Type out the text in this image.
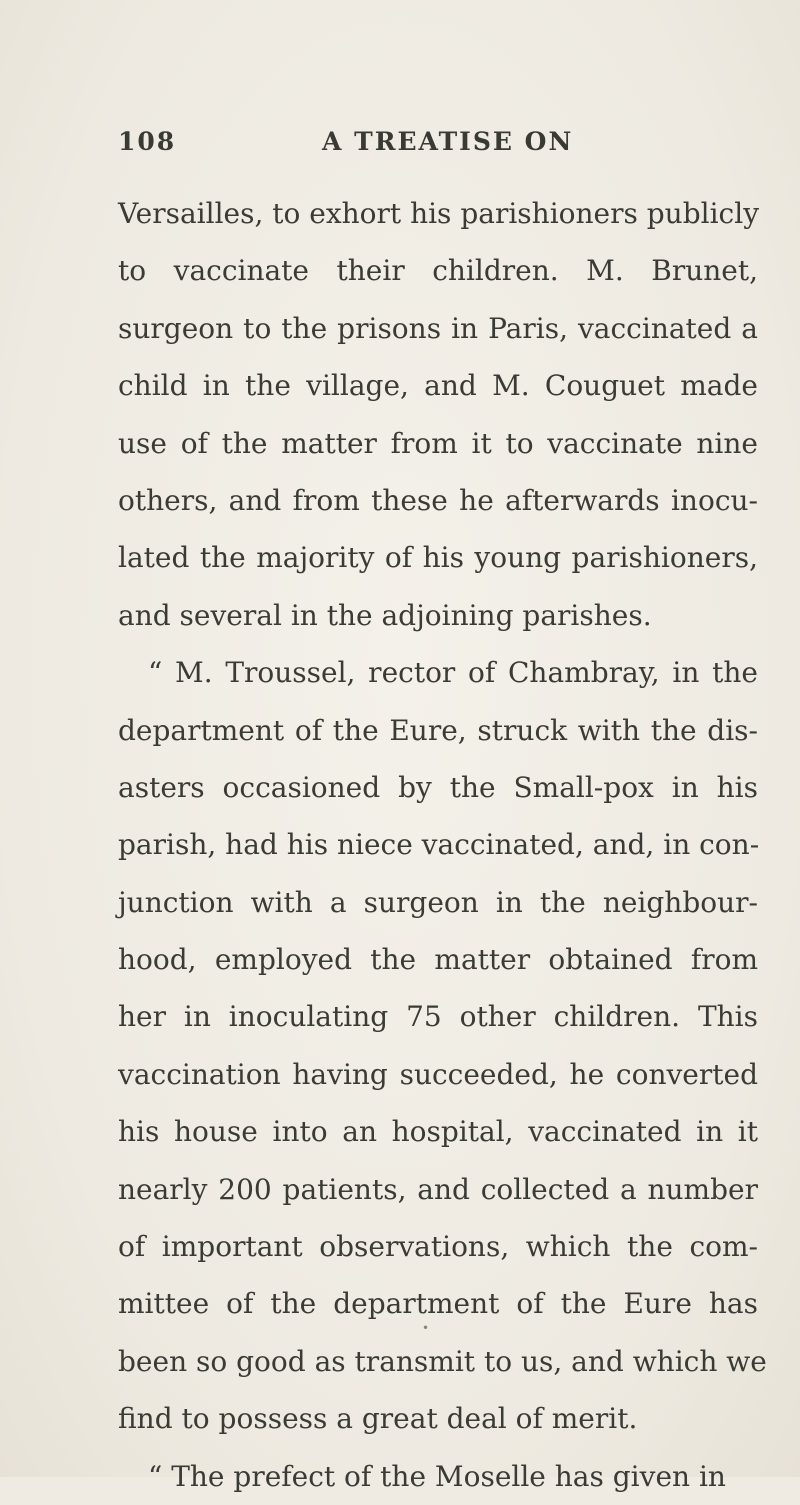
108	A TREATISE ON
Versailles, to exhort his parishioners publicly
to vaccinate their children. M. Brunet,
surgeon to the prisons in Paris, vaccinated a
child in the village, and M. Couguet made
use of the matter from it to vaccinate nine
others, and from these he afterwards inocu-
lated the majority of his young parishioners,
and several in the adjoining parishes.
“ M. Troussel, rector of Chambray, in the
department of the Eure, struck with the dis-
asters occasioned by the Small-pox in his
parish, had his niece vaccinated, and, in con-
junction with a surgeon in the neighbour-
hood, employed the matter obtained from
her in inoculating 75 other children. This
vaccination having succeeded, he converted
his house into an hospital, vaccinated in it
nearly 200 patients, and collected a number
of important observations, which the com-
mittee of the department of the Eure has
been so good as transmit to us, and which we
find to possess a great deal of merit.
“ The prefect of the Moselle has given in
•
